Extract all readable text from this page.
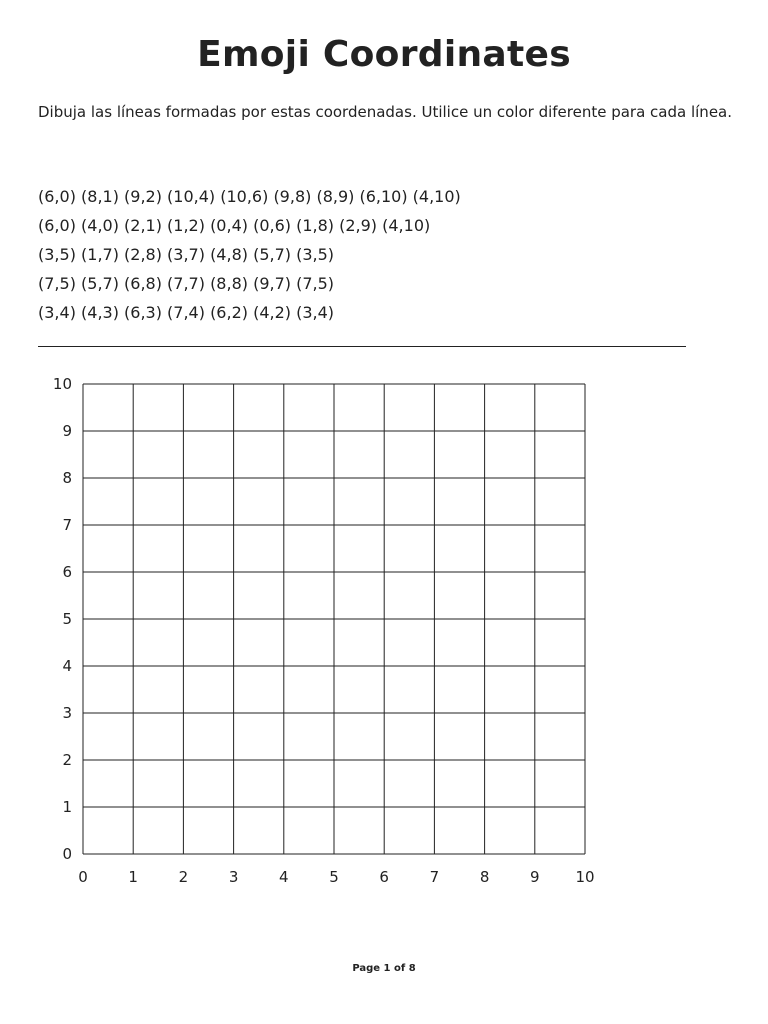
Emoji Coordinates

Dibuja las líneas formadas por estas coordenadas. Utilice un color diferente para cada línea.

(6,0) (8,1) (9,2) (10,4) (10,6) (9,8) (8,9) (6,10) (4,10)
(6,0) (4,0) (2,1) (1,2) (0,4) (0,6) (1,8) (2,9) (4,10)
(3,5) (1,7) (2,8) (3,7) (4,8) (5,7) (3,5)
(7,5) (5,7) (6,8) (7,7) (8,8) (9,7) (7,5)
(3,4) (4,3) (6,3) (7,4) (6,2) (4,2) (3,4)
0	1	2	3	4	5	6	7	8	9 10
0
1
2
3
4
5
6
7
8
9
10
Page 1 of 8
